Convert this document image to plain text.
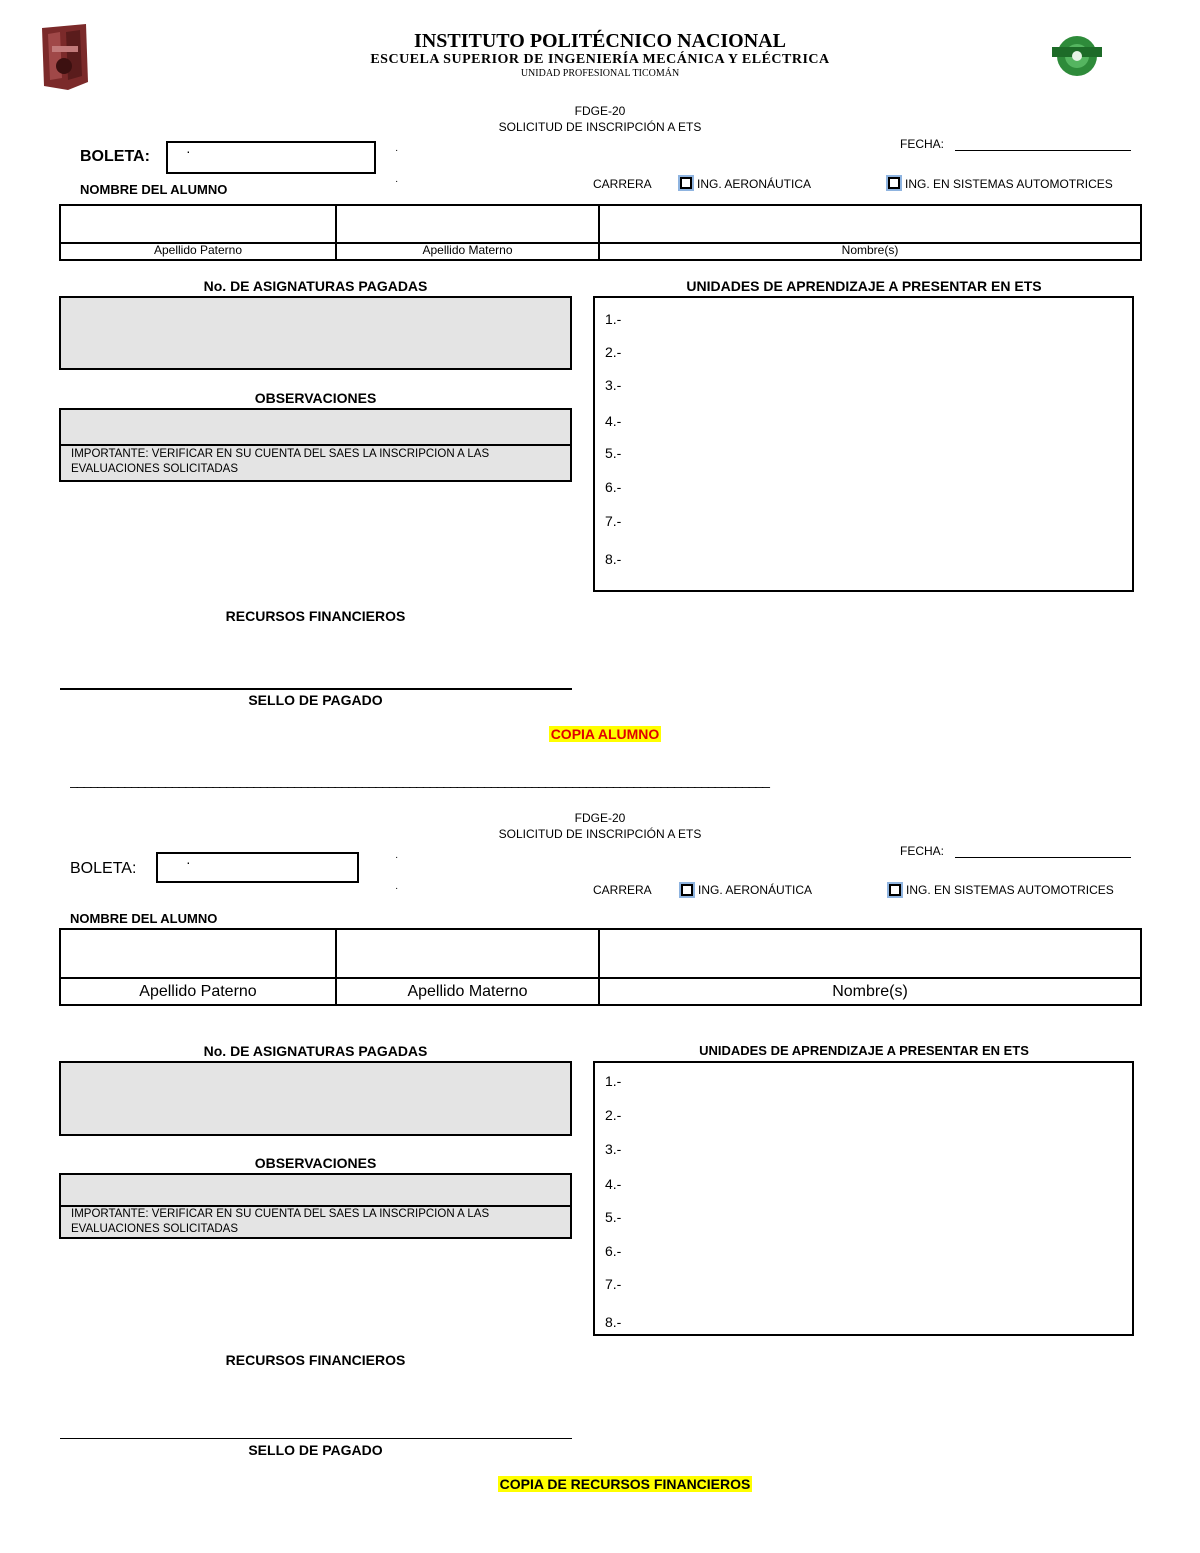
INSTITUTO POLITÉCNICO NACIONAL
ESCUELA SUPERIOR DE INGENIERÍA MECÁNICA Y ELÉCTRICA
UNIDAD PROFESIONAL TICOMÁN
FDGE-20
SOLICITUD DE INSCRIPCIÓN A ETS
FECHA:
BOLETA:	·	·
·
NOMBRE DEL ALUMNO	CARRERA	ING. AERONÁUTICA	ING. EN SISTEMAS AUTOMOTRICES
Apellido Paterno	Apellido Materno	Nombre(s)
No. DE ASIGNATURAS PAGADAS
OBSERVACIONES
IMPORTANTE: VERIFICAR EN SU CUENTA DEL SAES LA INSCRIPCION A LAS EVALUACIONES SOLICITADAS
UNIDADES DE APRENDIZAJE A PRESENTAR EN ETS
1.-
2.-
3.-
4.-
5.-
6.-
7.-
8.-
RECURSOS FINANCIEROS
SELLO DE PAGADO
COPIA ALUMNO
_______________________________________________________________________________________________________
FDGE-20
SOLICITUD DE INSCRIPCIÓN A ETS
FECHA:
BOLETA:	·	·
·	CARRERA	ING. AERONÁUTICA	ING. EN SISTEMAS AUTOMOTRICES
NOMBRE DEL ALUMNO
Apellido Paterno	Apellido Materno	Nombre(s)
No. DE ASIGNATURAS PAGADAS
OBSERVACIONES
IMPORTANTE: VERIFICAR EN SU CUENTA DEL SAES LA INSCRIPCION A LAS EVALUACIONES SOLICITADAS
UNIDADES DE APRENDIZAJE A PRESENTAR EN ETS
1.-
2.-
3.-
4.-
5.-
6.-
7.-
8.-
RECURSOS FINANCIEROS
SELLO DE PAGADO
COPIA DE RECURSOS FINANCIEROS
